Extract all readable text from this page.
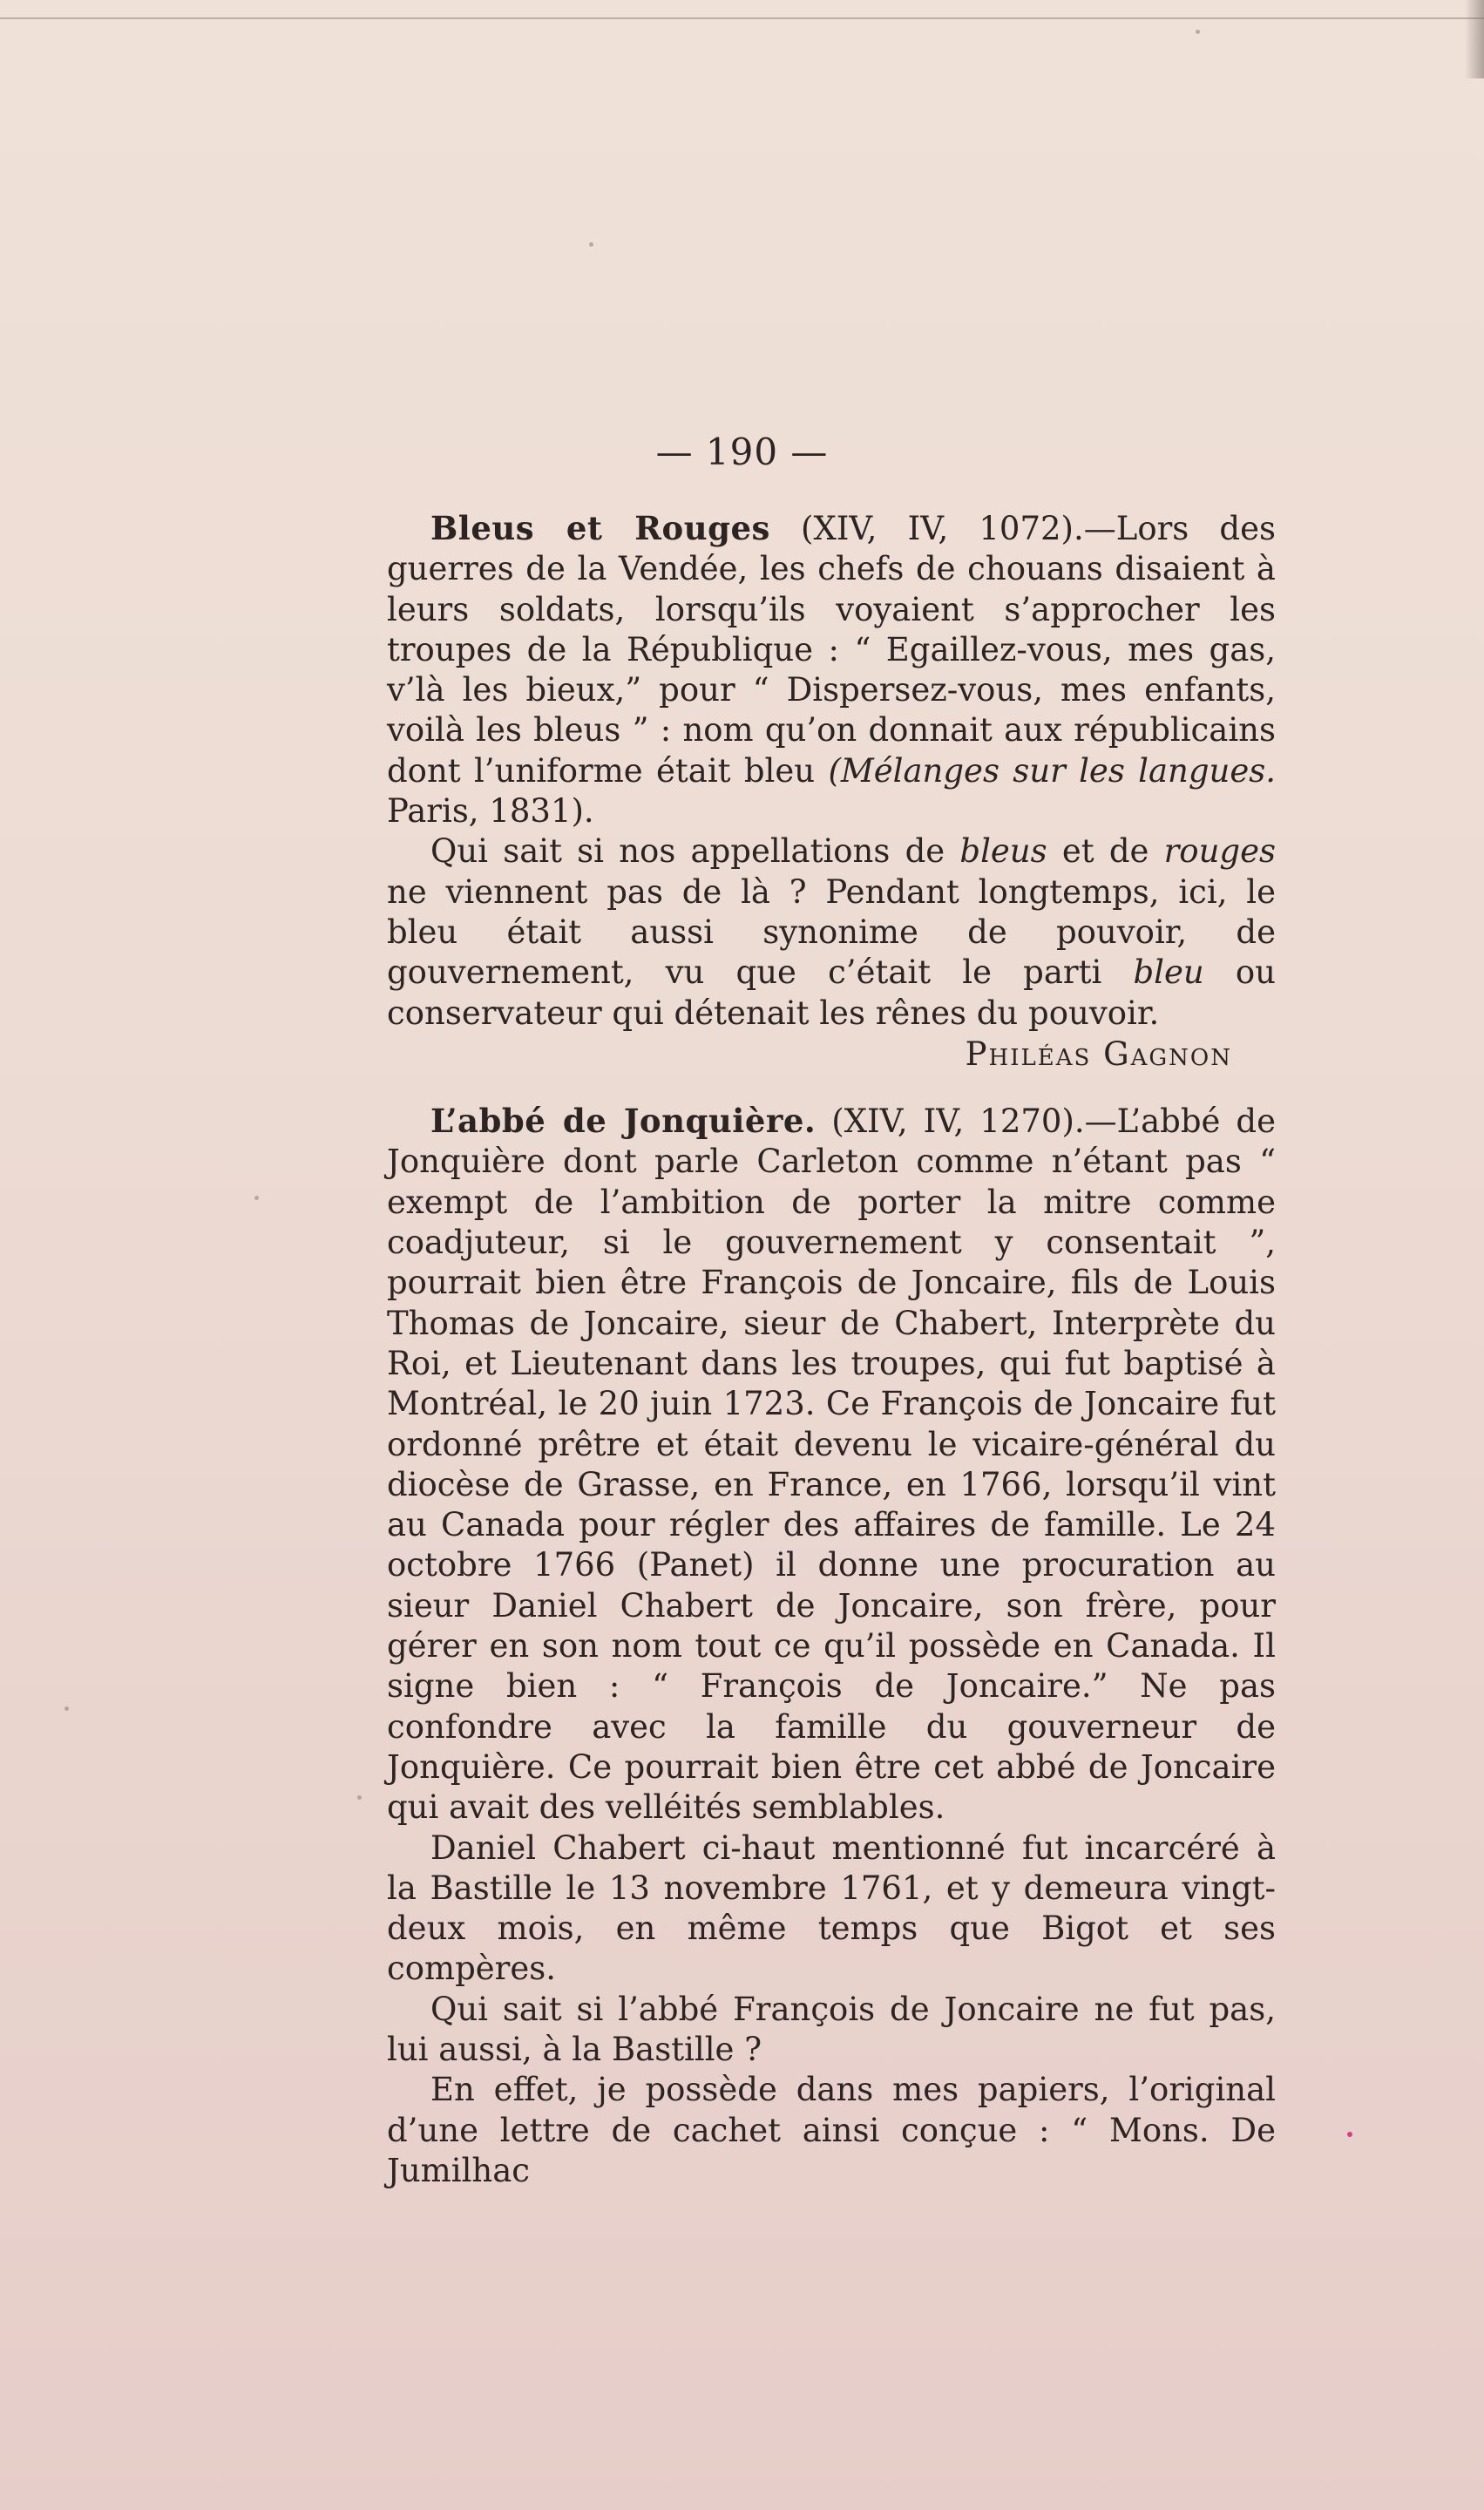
— 190 —

Bleus et Rouges (XIV, IV, 1072).—Lors des guerres de la Vendée, les chefs de chouans disaient à leurs soldats, lorsqu’ils voyaient s’approcher les troupes de la République : “ Egaillez-vous, mes gas, v’là les bieux,” pour “ Dispersez-vous, mes enfants, voilà les bleus ” : nom qu’on donnait aux républicains dont l’uniforme était bleu (Mélanges sur les langues. Paris, 1831).

Qui sait si nos appellations de bleus et de rouges ne viennent pas de là ? Pendant longtemps, ici, le bleu était aussi synonime de pouvoir, de gouvernement, vu que c’était le parti bleu ou conservateur qui détenait les rênes du pouvoir.

Philéas Gagnon

L’abbé de Jonquière. (XIV, IV, 1270).—L’abbé de Jonquière dont parle Carleton comme n’étant pas “ exempt de l’ambition de porter la mitre comme coadjuteur, si le gouvernement y consentait ”, pourrait bien être François de Joncaire, fils de Louis Thomas de Joncaire, sieur de Chabert, Interprète du Roi, et Lieutenant dans les troupes, qui fut baptisé à Montréal, le 20 juin 1723. Ce François de Joncaire fut ordonné prêtre et était devenu le vicaire-général du diocèse de Grasse, en France, en 1766, lorsqu’il vint au Canada pour régler des affaires de famille. Le 24 octobre 1766 (Panet) il donne une procuration au sieur Daniel Chabert de Joncaire, son frère, pour gérer en son nom tout ce qu’il possède en Canada. Il signe bien : “ François de Joncaire.” Ne pas confondre avec la famille du gouverneur de Jonquière. Ce pourrait bien être cet abbé de Joncaire qui avait des velléités semblables.

Daniel Chabert ci-haut mentionné fut incarcéré à la Bastille le 13 novembre 1761, et y demeura vingt-deux mois, en même temps que Bigot et ses compères.

Qui sait si l’abbé François de Joncaire ne fut pas, lui aussi, à la Bastille ?

En effet, je possède dans mes papiers, l’original d’une lettre de cachet ainsi conçue : “ Mons. De Jumilhac
